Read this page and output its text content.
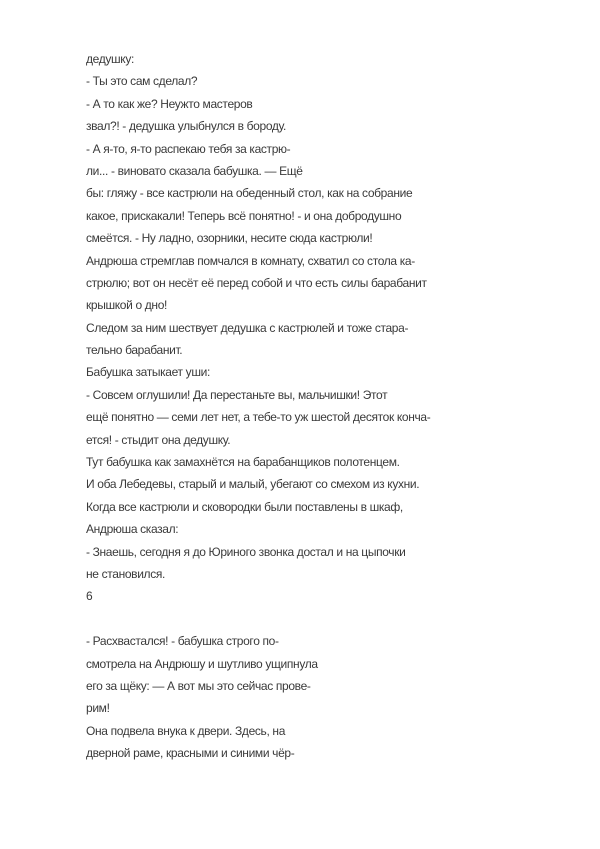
дедушку:
- Ты это сам сделал?
- А то как же? Неужто мастеров
звал?! - дедушка улыбнулся в бороду.
- А я-то, я-то распекаю тебя за кастрю-
ли... - виновато сказала бабушка. — Ещё
бы: гляжу - все кастрюли на обеденный стол, как на собрание
какое, прискакали! Теперь всё понятно! - и она добродушно
смеётся. - Ну ладно, озорники, несите сюда кастрюли!
Андрюша стремглав помчался в комнату, схватил со стола ка-
стрюлю; вот он несёт её перед собой и что есть силы барабанит
крышкой о дно!
Следом за ним шествует дедушка с кастрюлей и тоже стара-
тельно барабанит.
Бабушка затыкает уши:
- Совсем оглушили! Да перестаньте вы, мальчишки! Этот
ещё понятно — семи лет нет, а тебе-то уж шестой десяток конча-
ется! - стыдит она дедушку.
Тут бабушка как замахнётся на барабанщиков полотенцем.
И оба Лебедевы, старый и малый, убегают со смехом из кухни.
Когда все кастрюли и сковородки были поставлены в шкаф,
Андрюша сказал:
- Знаешь, сегодня я до Юриного звонка достал и на цыпочки
не становился.
6
- Расхвастался! - бабушка строго по-
смотрела на Андрюшу и шутливо ущипнула
его за щёку: — А вот мы это сейчас прове-
рим!
Она подвела внука к двери. Здесь, на
дверной раме, красными и синими чёр-
